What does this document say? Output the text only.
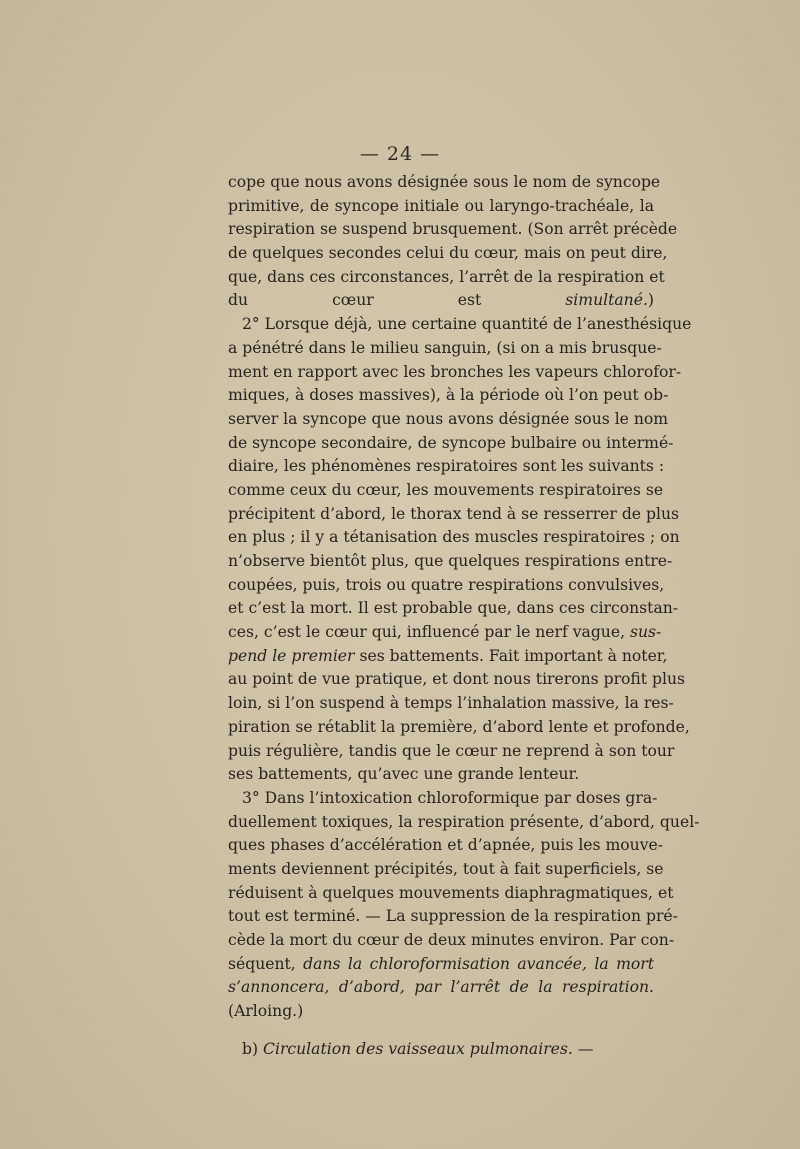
— 24 —
cope que nous avons désignée sous le nom de syncope
primitive, de syncope initiale ou laryngo-trachéale, la
respiration se suspend brusquement. (Son arrêt précède
de quelques secondes celui du cœur, mais on peut dire,
que, dans ces circonstances, l’arrêt de la respiration et
du cœur est simultané.)
2° Lorsque déjà, une certaine quantité de l’anesthésique
a pénétré dans le milieu sanguin, (si on a mis brusque-
ment en rapport avec les bronches les vapeurs chlorofor-
miques, à doses massives), à la période où l’on peut ob-
server la syncope que nous avons désignée sous le nom
de syncope secondaire, de syncope bulbaire ou intermé-
diaire, les phénomènes respiratoires sont les suivants :
comme ceux du cœur, les mouvements respiratoires se
précipitent d’abord, le thorax tend à se resserrer de plus
en plus ; il y a tétanisation des muscles respiratoires ; on
n’observe bientôt plus, que quelques respirations entre-
coupées, puis, trois ou quatre respirations convulsives,
et c’est la mort. Il est probable que, dans ces circonstan-
ces, c’est le cœur qui, influencé par le nerf vague, sus-
pend le premier ses battements. Fait important à noter,
au point de vue pratique, et dont nous tirerons profit plus
loin, si l’on suspend à temps l’inhalation massive, la res-
piration se rétablit la première, d’abord lente et profonde,
puis régulière, tandis que le cœur ne reprend à son tour
ses battements, qu’avec une grande lenteur.
3° Dans l’intoxication chloroformique par doses gra-
duellement toxiques, la respiration présente, d’abord, quel-
ques phases d’accélération et d’apnée, puis les mouve-
ments deviennent précipités, tout à fait superficiels, se
réduisent à quelques mouvements diaphragmatiques, et
tout est terminé. — La suppression de la respiration pré-
cède la mort du cœur de deux minutes environ. Par con-
séquent, dans la chloroformisation avancée, la mort
s’annoncera, d’abord, par l’arrêt de la respiration.
(Arloing.)
b) Circulation des vaisseaux pulmonaires. —
